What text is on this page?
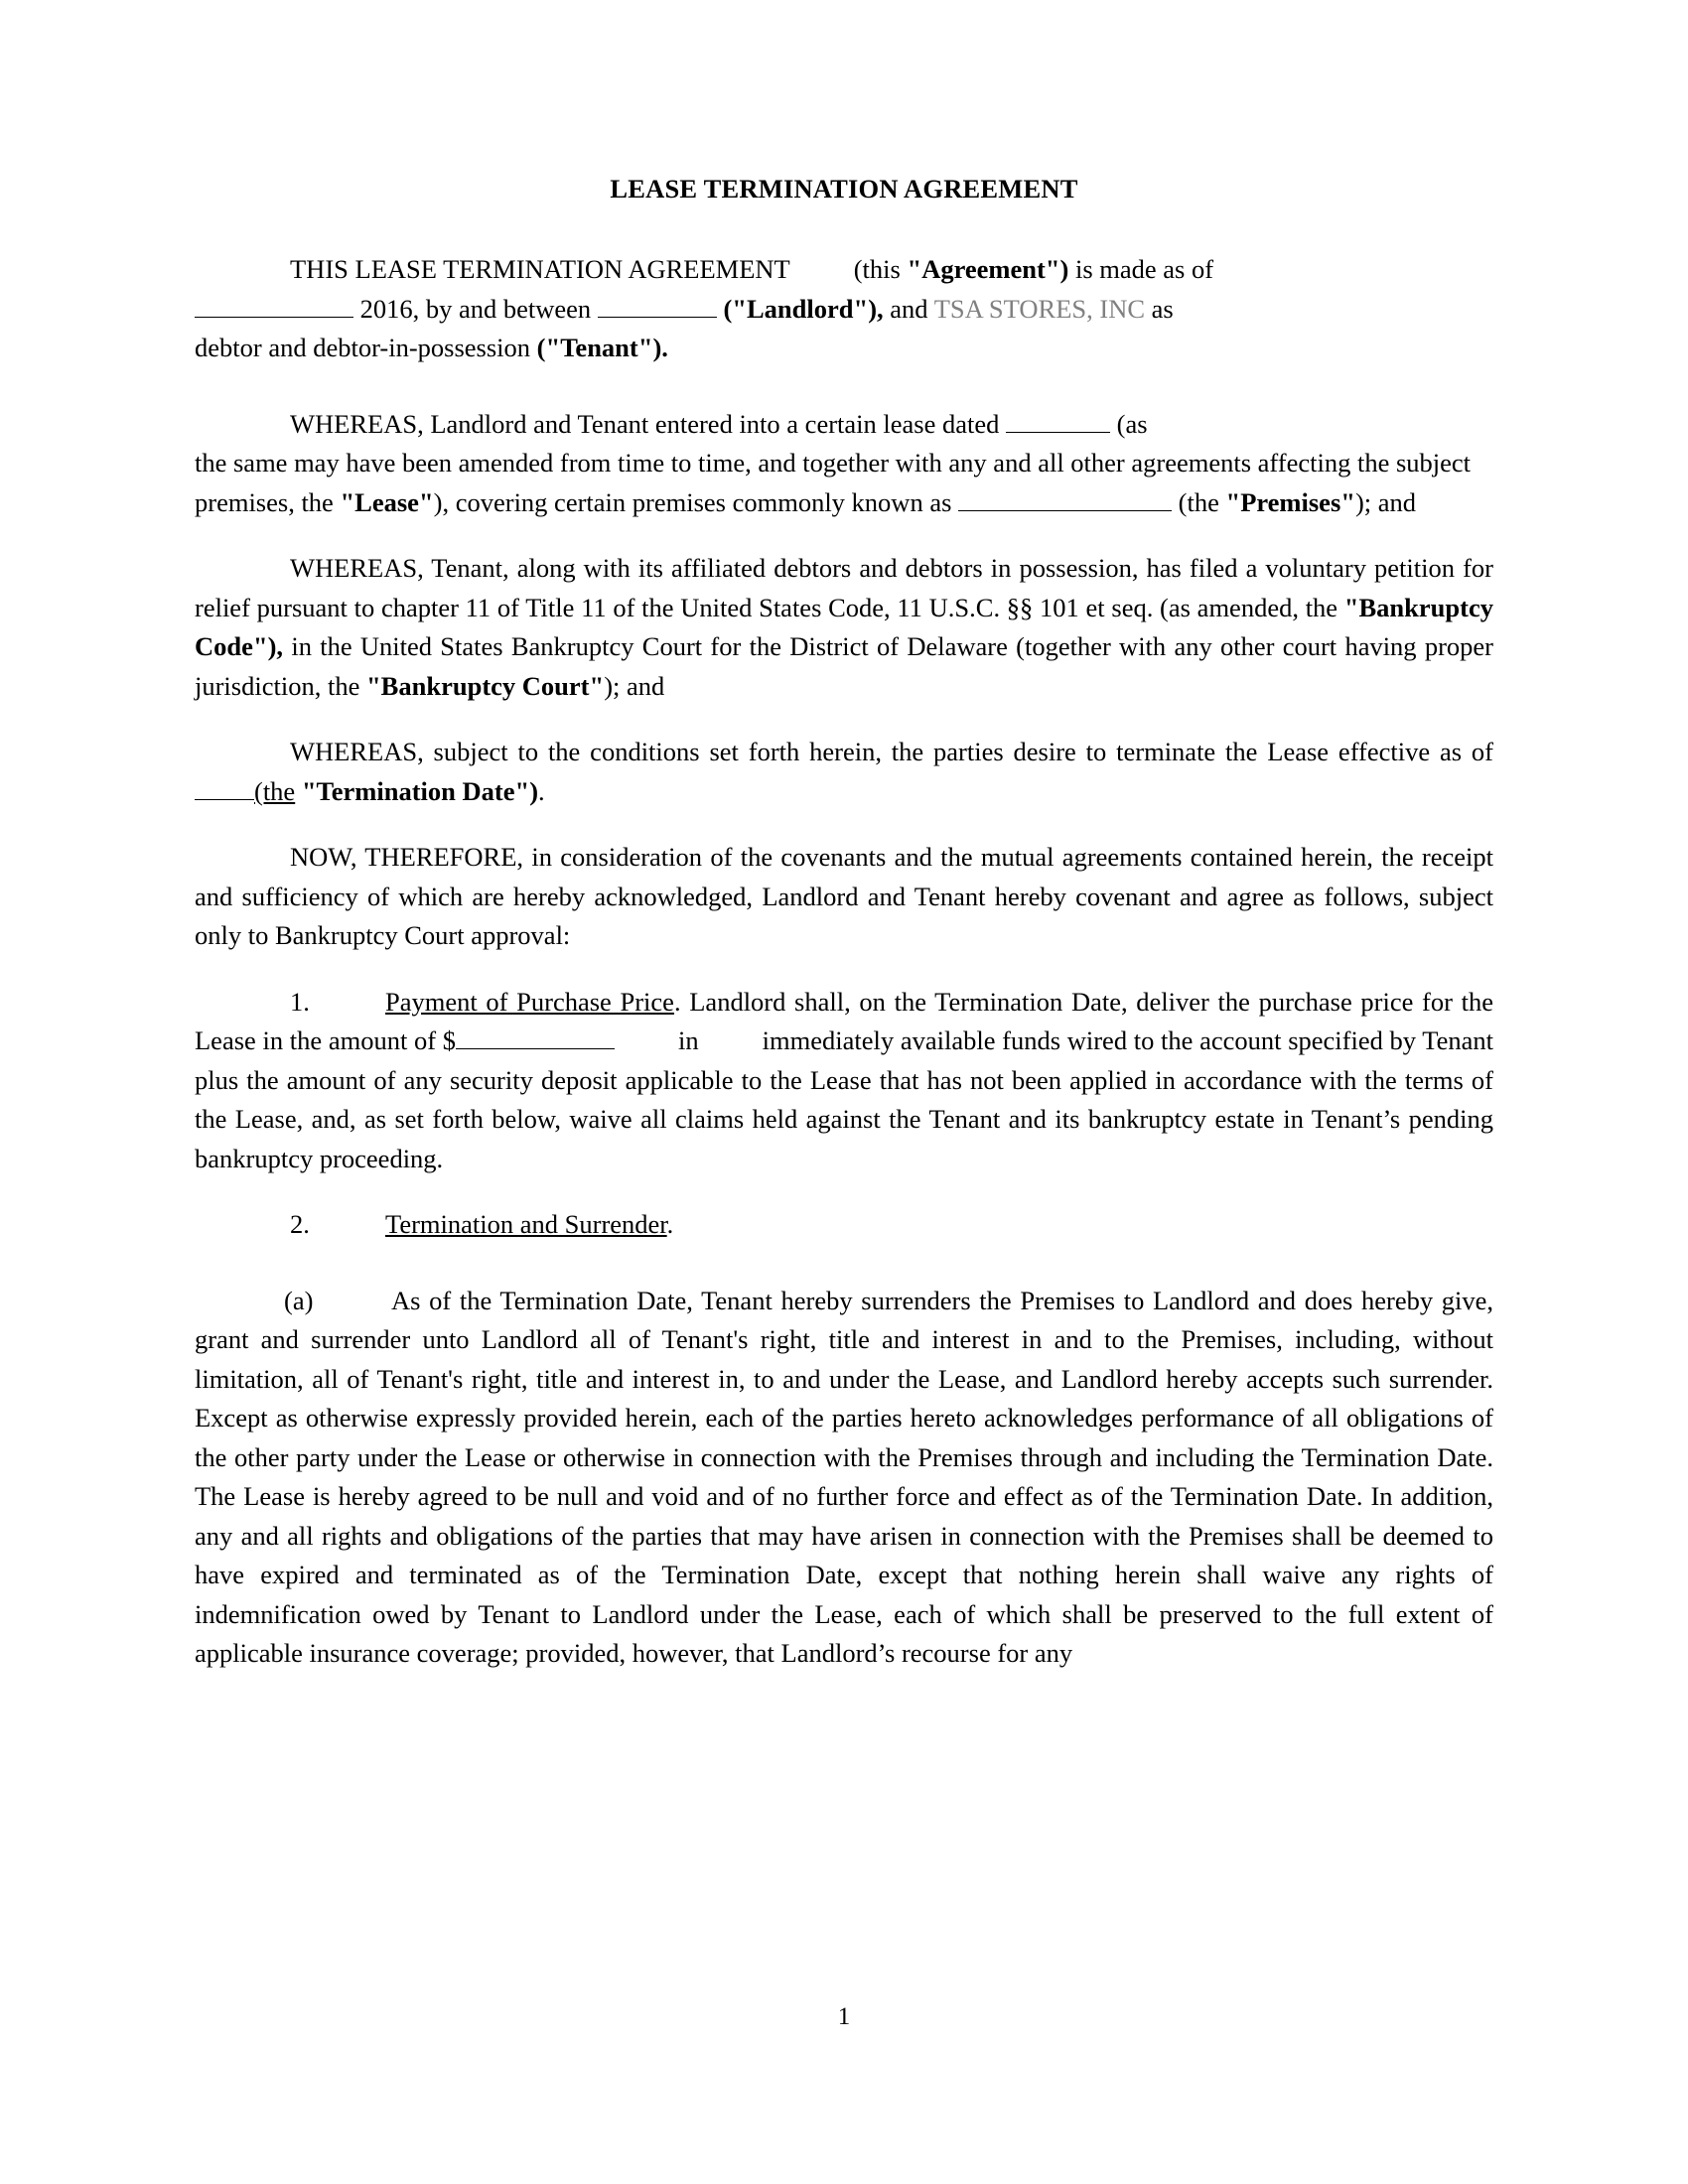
LEASE TERMINATION AGREEMENT

THIS LEASE TERMINATION AGREEMENT (this "Agreement") is made as of
2016, by and between	("Landlord"), and TSA STORES, INC as
debtor and debtor-in-possession ("Tenant").

WHEREAS, Landlord and Tenant entered into a certain lease dated	(as
the same may have been amended from time to time, and together with any and all other agreements affecting the subject premises, the "Lease"), covering certain premises commonly known as	(the "Premises"); and

WHEREAS, Tenant, along with its affiliated debtors and debtors in possession, has filed a voluntary petition for relief pursuant to chapter 11 of Title 11 of the United States Code, 11 U.S.C. §§ 101 et seq. (as amended, the "Bankruptcy Code"), in the United States Bankruptcy Court for the District of Delaware (together with any other court having proper jurisdiction, the "Bankruptcy Court"); and

WHEREAS, subject to the conditions set forth herein, the parties desire to terminate the Lease effective as of (the "Termination Date").

NOW, THEREFORE, in consideration of the covenants and the mutual agreements contained herein, the receipt and sufficiency of which are hereby acknowledged, Landlord and Tenant hereby covenant and agree as follows, subject only to Bankruptcy Court approval:

1.	Payment of Purchase Price. Landlord shall, on the Termination Date, deliver the purchase price for the Lease in the amount of $	in immediately available funds wired to the account specified by Tenant plus the amount of any security deposit applicable to the Lease that has not been applied in accordance with the terms of the Lease, and, as set forth below, waive all claims held against the Tenant and its bankruptcy estate in Tenant’s pending bankruptcy proceeding.

2.	Termination and Surrender.

(a)	As of the Termination Date, Tenant hereby surrenders the Premises to Landlord and does hereby give, grant and surrender unto Landlord all of Tenant's right, title and interest in and to the Premises, including, without limitation, all of Tenant's right, title and interest in, to and under the Lease, and Landlord hereby accepts such surrender. Except as otherwise expressly provided herein, each of the parties hereto acknowledges performance of all obligations of the other party under the Lease or otherwise in connection with the Premises through and including the Termination Date. The Lease is hereby agreed to be null and void and of no further force and effect as of the Termination Date. In addition, any and all rights and obligations of the parties that may have arisen in connection with the Premises shall be deemed to have expired and terminated as of the Termination Date, except that nothing herein shall waive any rights of indemnification owed by Tenant to Landlord under the Lease, each of which shall be preserved to the full extent of applicable insurance coverage; provided, however, that Landlord’s recourse for any

1
